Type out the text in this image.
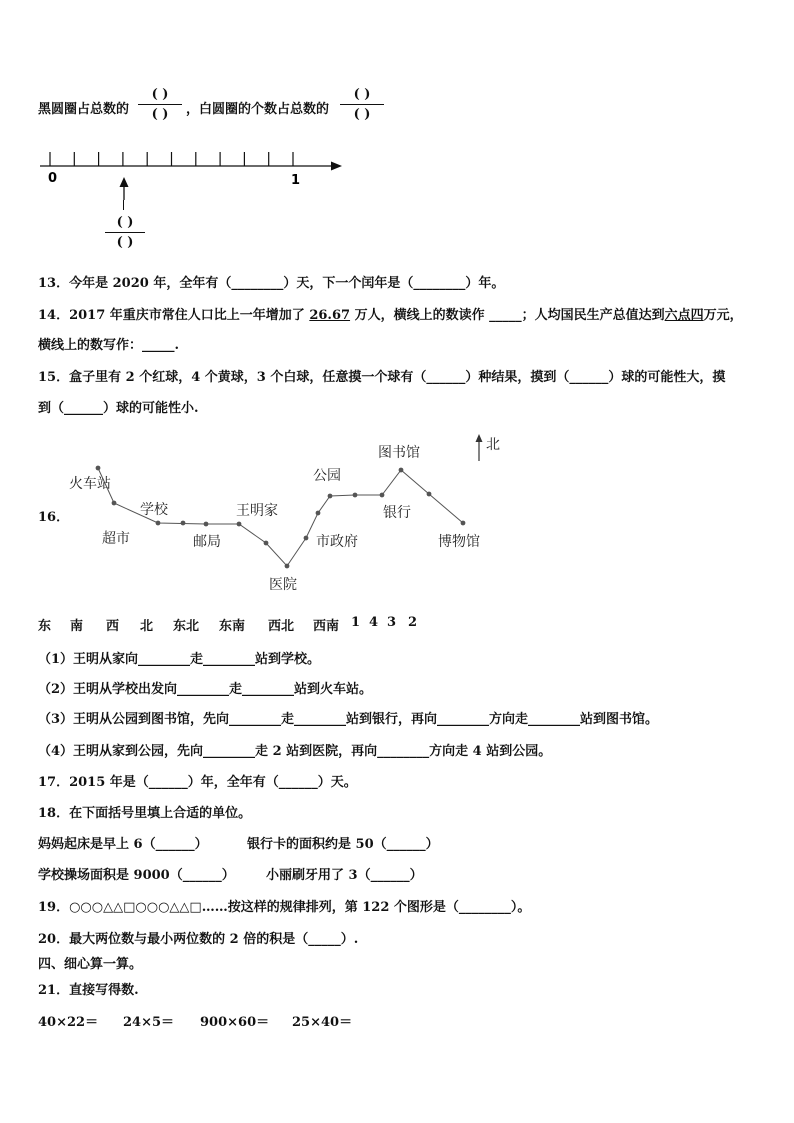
黑圆圈占总数的
( )
( ) ，白圆圈的个数占总数的
( )
( )
0	1
( )
( )
13．今年是 2020 年，全年有（________）天，下一个闰年是（________）年。
14．2017 年重庆市常住人口比上一年增加了 26.67 万人，横线上的数读作 _____；人均国民生产总值达到六点四万元，
横线上的数写作：_____.
15．盒子里有 2 个红球，4 个黄球，3 个白球，任意摸一个球有（______）种结果，摸到（______）球的可能性大，摸
到（______）球的可能性小.
16．
火车站
超市
学校
邮局
王明家
医院
市政府
公园
银行
图书馆
博物馆
北
东	南	西	北	东北	东南	西北	西南 1 4 3 2
（1）王明从家向________走________站到学校。
（2）王明从学校出发向________走________站到火车站。
（3）王明从公园到图书馆，先向________走________站到银行，再向________方向走________站到图书馆。
（4）王明从家到公园，先向________走 2 站到医院，再向________方向走 4 站到公园。
17．2015 年是（______）年，全年有（______）天。
18．在下面括号里填上合适的单位。
妈妈起床是早上 6（______）	银行卡的面积约是 50（______）
学校操场面积是 9000（______） 小丽刷牙用了 3（______）
19．○○○△△□○○○△△□……按这样的规律排列，第 122 个图形是（________）。
20．最大两位数与最小两位数的 2 倍的积是（_____）.
四、细心算一算。
21．直接写得数.
40×22＝ 24×5＝ 900×60＝ 25×40＝
